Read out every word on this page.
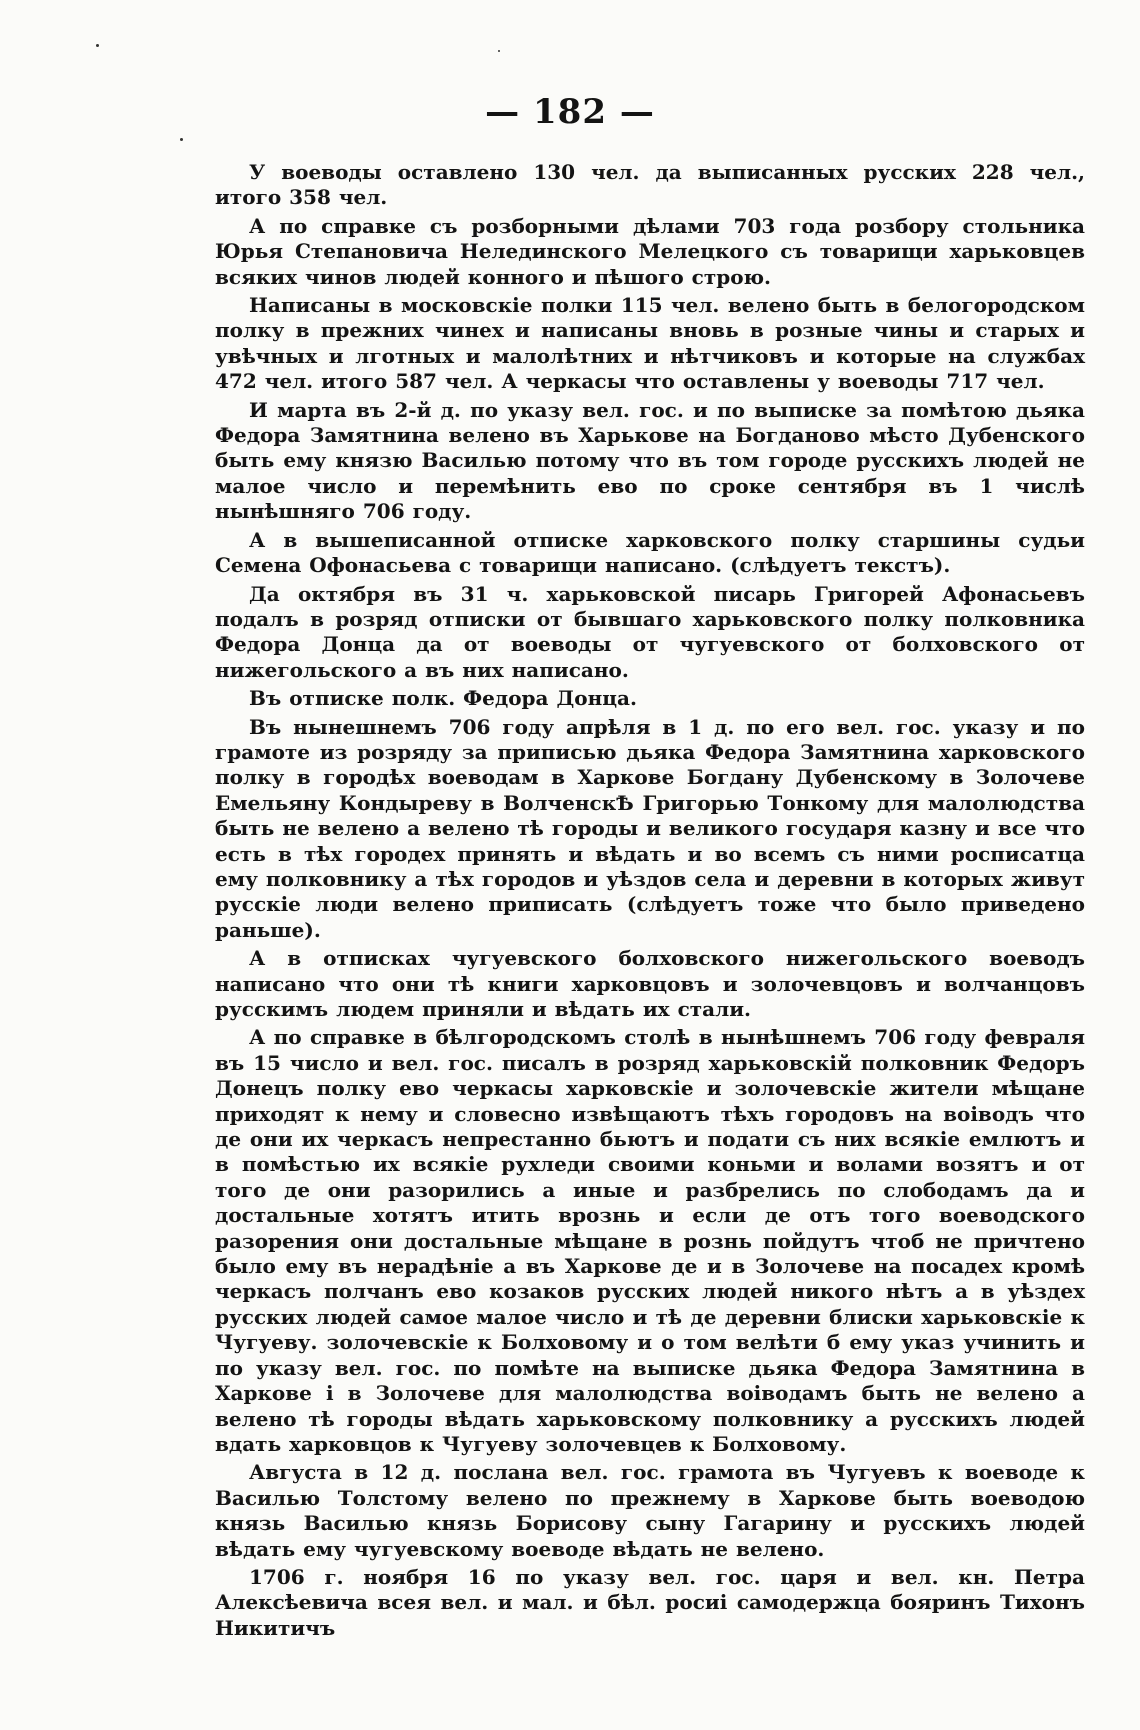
— 182 —

У воеводы оставлено 130 чел. да выписанных русских 228 чел., итого 358 чел.

А по справке съ розборными дѣлами 703 года розбору стольника Юрья Степановича Нелединского Мелецкого съ товарищи харьковцев всяких чинов людей конного и пѣшого строю.

Написаны в московскіе полки 115 чел. велено быть в белогородском полку в прежних чинех и написаны вновь в розные чины и старых и увѣчных и лготных и малолѣтних и нѣтчиковъ и которые на службах 472 чел. итого 587 чел. А черкасы что оставлены у воеводы 717 чел.

И марта въ 2-й д. по указу вел. гос. и по выписке за помѣтою дьяка Федора Замятнина велено въ Харькове на Богданово мѣсто Дубенского быть ему князю Василью потому что въ том городе русскихъ людей не малое число и перемѣнить ево по сроке сентября въ 1 числѣ нынѣшняго 706 году.

А в вышеписанной отписке харковского полку старшины судьи Семена Офонасьева с товарищи написано. (слѣдуетъ текстъ).

Да октября въ 31 ч. харьковской писарь Григорей Афонасьевъ подалъ в розряд отписки от бывшаго харьковского полку полковника Федора Донца да от воеводы от чугуевского от болховского от нижегольского а въ них написано.

Въ отписке полк. Федора Донца.

Въ нынешнемъ 706 году апрѣля в 1 д. по его вел. гос. указу и по грамоте из розряду за приписью дьяка Федора Замятнина харковского полку в городѣх воеводам в Харкове Богдану Дубенскому в Золочеве Емельяну Кондыреву в ВолченскѢ Григорью Тонкому для малолюдства быть не велено а велено тѣ городы и великого государя казну и все что есть в тѣх городех принять и вѣдать и во всемъ съ ними росписатца ему полковнику а тѣх городов и уѣздов села и деревни в которых живут русскіе люди велено приписать (слѣдуетъ тоже что было приведено раньше).

А в отписках чугуевского болховского нижегольского воеводъ написано что они тѣ книги харковцовъ и золочевцовъ и волчанцовъ русскимъ людем приняли и вѣдать их стали.

А по справке в бѣлгородскомъ столѣ в нынѣшнемъ 706 году февраля въ 15 число и вел. гос. писалъ в розряд харьковскій полковник Федоръ Донецъ полку ево черкасы харковскіе и золочевскіе жители мѣщане приходят к нему и словесно извѣщаютъ тѣхъ городовъ на воіводъ что де они их черкасъ непрестанно бьютъ и подати съ них всякіе емлютъ и в помѣстью их всякіе рухледи своими коньми и волами возятъ и от того де они разорились а иные и разбрелись по слободамъ да и достальные хотятъ итить врознь и если де отъ того воеводского разорения они достальные мѣщане в рознь пойдутъ чтоб не причтено было ему въ нерадѣніе а въ Харкове де и в Золочеве на посадех кромѣ черкасъ полчанъ ево козаков русских людей никого нѣтъ а в уѣздех русских людей самое малое число и тѣ де деревни блиски харьковскіе к Чугуеву. золочевскіе к Болховому и о том велѣти б ему указ учинить и по указу вел. гос. по помѣте на выписке дьяка Федора Замятнина в Харкове і в Золочеве для малолюдства воіводамъ быть не велено а велено тѣ городы вѣдать харьковскому полковнику а русскихъ людей вдать харковцов к Чугуеву золочевцев к Болховому.

Августа в 12 д. послана вел. гос. грамота въ Чугуевъ к воеводе к Василью Толстому велено по прежнему в Харкове быть воеводою князь Василью князь Борисову сыну Гагарину и русскихъ людей вѣдать ему чугуевскому воеводе вѣдать не велено.

1706 г. ноября 16 по указу вел. гос. царя и вел. кн. Петра Алексѣевича всея вел. и мал. и бѣл. росиі самодержца бояринъ Тихонъ Никитичъ
